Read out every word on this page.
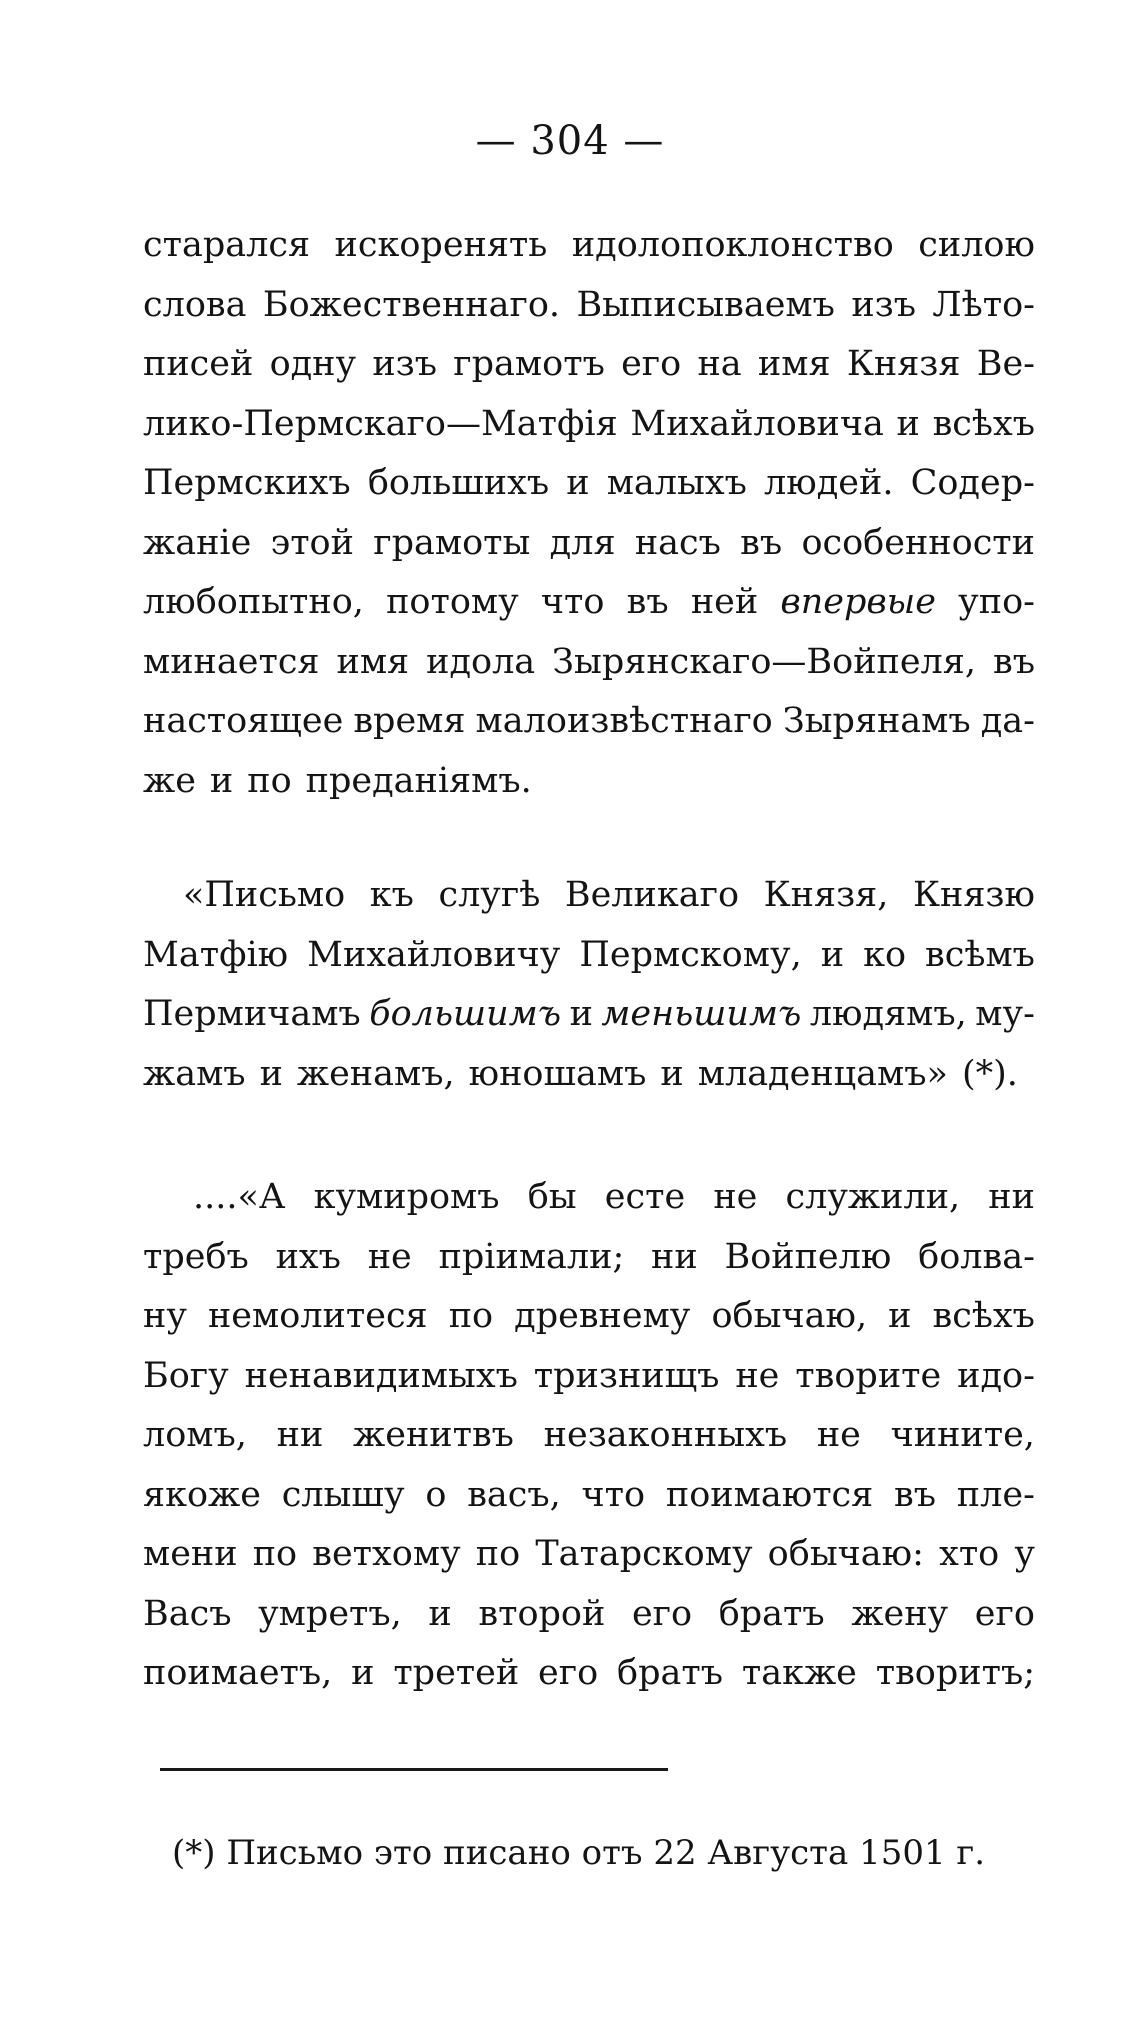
— 304 —
старался искоренять идолопоклонство силою
слова Божественнаго. Выписываемъ изъ Лѣто-
писей одну изъ грамотъ его на имя Князя Ве-
лико-Пермскаго—Матфія Михайловича и всѣхъ
Пермскихъ большихъ и малыхъ людей. Содер-
жаніе этой грамоты для насъ въ особенности
любопытно, потому что въ ней впервые упо-
минается имя идола Зырянскаго—Войпеля, въ
настоящее время малоизвѣстнаго Зырянамъ да-
же и по преданіямъ.
«Письмо къ слугѣ Великаго Князя, Князю
Матфію Михайловичу Пермскому, и ко всѣмъ
Пермичамъ большимъ и меньшимъ людямъ, му-
жамъ и женамъ, юношамъ и младенцамъ» (*).
....«А кумиромъ бы есте не служили, ни
требъ ихъ не пріимали; ни Войпелю болва-
ну немолитеся по древнему обычаю, и всѣхъ
Богу ненавидимыхъ тризнищъ не творите идо-
ломъ, ни женитвъ незаконныхъ не чините,
якоже слышу о васъ, что поимаются въ пле-
мени по ветхому по Татарскому обычаю: хто у
Васъ умретъ, и второй его братъ жену его
поимаетъ, и третей его братъ также творитъ;
(*) Письмо это писано отъ 22 Августа 1501 г.
